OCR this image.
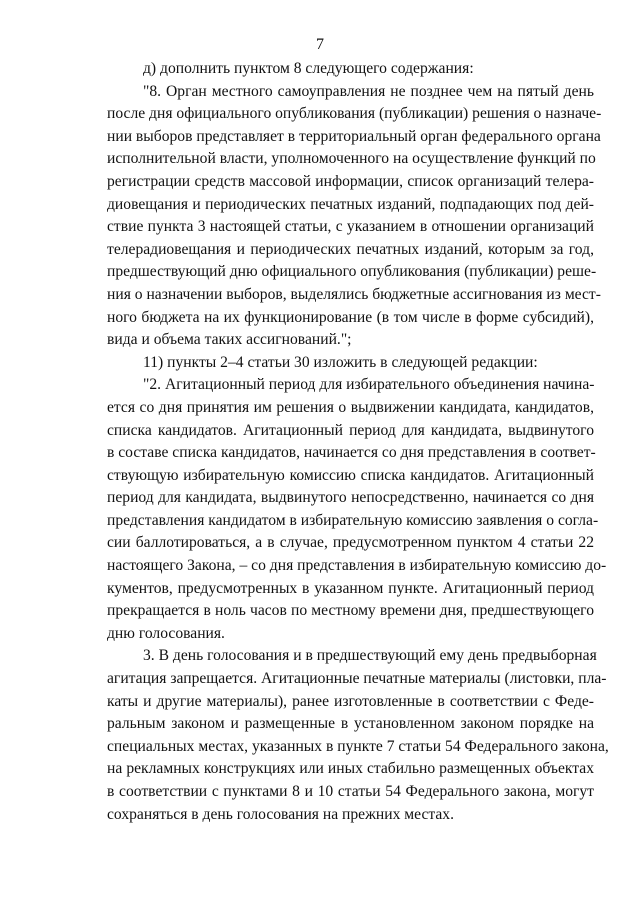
7
д) дополнить пунктом 8 следующего содержания:
"8. Орган местного самоуправления не позднее чем на пятый день
после дня официального опубликования (публикации) решения о назначе-
нии выборов представляет в территориальный орган федерального органа
исполнительной власти, уполномоченного на осуществление функций по
регистрации средств массовой информации, список организаций телера-
диовещания и периодических печатных изданий, подпадающих под дей-
ствие пункта 3 настоящей статьи, с указанием в отношении организаций
телерадиовещания и периодических печатных изданий, которым за год,
предшествующий дню официального опубликования (публикации) реше-
ния о назначении выборов, выделялись бюджетные ассигнования из мест-
ного бюджета на их функционирование (в том числе в форме субсидий),
вида и объема таких ассигнований.";
11) пункты 2–4 статьи 30 изложить в следующей редакции:
"2. Агитационный период для избирательного объединения начина-
ется со дня принятия им решения о выдвижении кандидата, кандидатов,
списка кандидатов. Агитационный период для кандидата, выдвинутого
в составе списка кандидатов, начинается со дня представления в соответ-
ствующую избирательную комиссию списка кандидатов. Агитационный
период для кандидата, выдвинутого непосредственно, начинается со дня
представления кандидатом в избирательную комиссию заявления о согла-
сии баллотироваться, а в случае, предусмотренном пунктом 4 статьи 22
настоящего Закона, – со дня представления в избирательную комиссию до-
кументов, предусмотренных в указанном пункте. Агитационный период
прекращается в ноль часов по местному времени дня, предшествующего
дню голосования.
3. В день голосования и в предшествующий ему день предвыборная
агитация запрещается. Агитационные печатные материалы (листовки, пла-
каты и другие материалы), ранее изготовленные в соответствии с Феде-
ральным законом и размещенные в установленном законом порядке на
специальных местах, указанных в пункте 7 статьи 54 Федерального закона,
на рекламных конструкциях или иных стабильно размещенных объектах
в соответствии с пунктами 8 и 10 статьи 54 Федерального закона, могут
сохраняться в день голосования на прежних местах.
